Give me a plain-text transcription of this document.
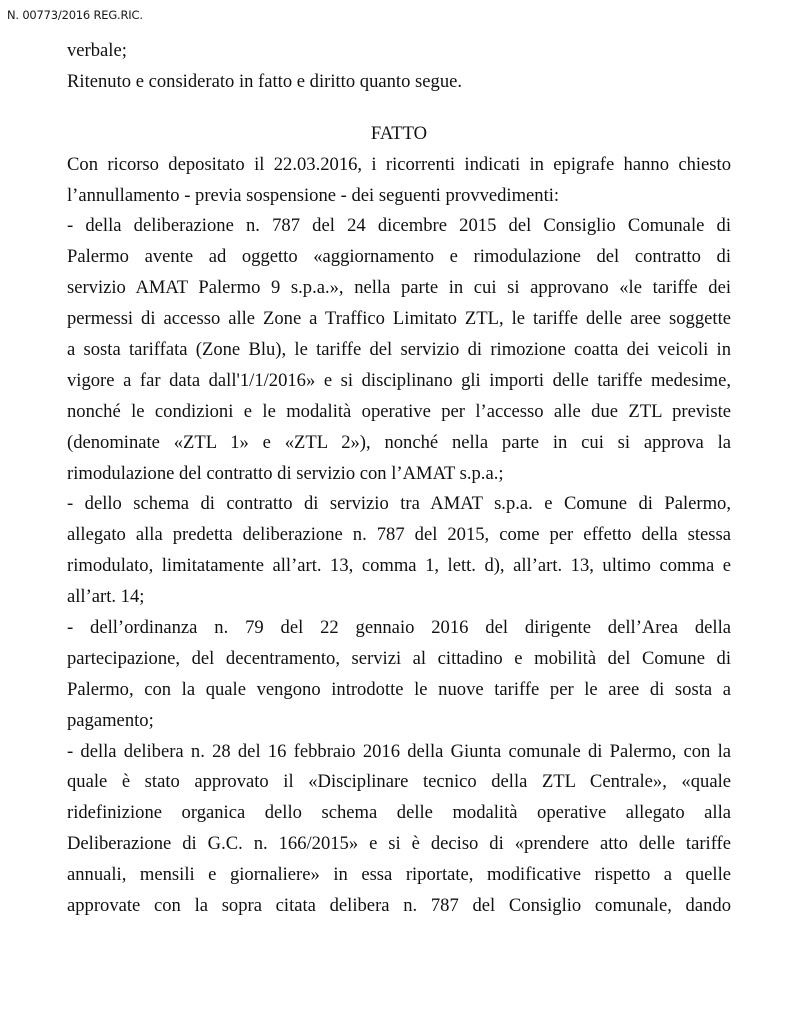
N. 00773/2016 REG.RIC.
verbale;
Ritenuto e considerato in fatto e diritto quanto segue.
FATTO
Con ricorso depositato il 22.03.2016, i ricorrenti indicati in epigrafe hanno chiesto
l’annullamento - previa sospensione - dei seguenti provvedimenti:
- della deliberazione n. 787 del 24 dicembre 2015 del Consiglio Comunale di
Palermo avente ad oggetto «aggiornamento e rimodulazione del contratto di
servizio AMAT Palermo 9 s.p.a.», nella parte in cui si approvano «le tariffe dei
permessi di accesso alle Zone a Traffico Limitato ZTL, le tariffe delle aree soggette
a sosta tariffata (Zone Blu), le tariffe del servizio di rimozione coatta dei veicoli in
vigore a far data dall'1/1/2016» e si disciplinano gli importi delle tariffe medesime,
nonché le condizioni e le modalità operative per l’accesso alle due ZTL previste
(denominate «ZTL 1» e «ZTL 2»), nonché nella parte in cui si approva la
rimodulazione del contratto di servizio con l’AMAT s.p.a.;
- dello schema di contratto di servizio tra AMAT s.p.a. e Comune di Palermo,
allegato alla predetta deliberazione n. 787 del 2015, come per effetto della stessa
rimodulato, limitatamente all’art. 13, comma 1, lett. d), all’art. 13, ultimo comma e
all’art. 14;
- dell’ordinanza n. 79 del 22 gennaio 2016 del dirigente dell’Area della
partecipazione, del decentramento, servizi al cittadino e mobilità del Comune di
Palermo, con la quale vengono introdotte le nuove tariffe per le aree di sosta a
pagamento;
- della delibera n. 28 del 16 febbraio 2016 della Giunta comunale di Palermo, con la
quale è stato approvato il «Disciplinare tecnico della ZTL Centrale», «quale
ridefinizione organica dello schema delle modalità operative allegato alla
Deliberazione di G.C. n. 166/2015» e si è deciso di «prendere atto delle tariffe
annuali, mensili e giornaliere» in essa riportate, modificative rispetto a quelle
approvate con la sopra citata delibera n. 787 del Consiglio comunale, dando
